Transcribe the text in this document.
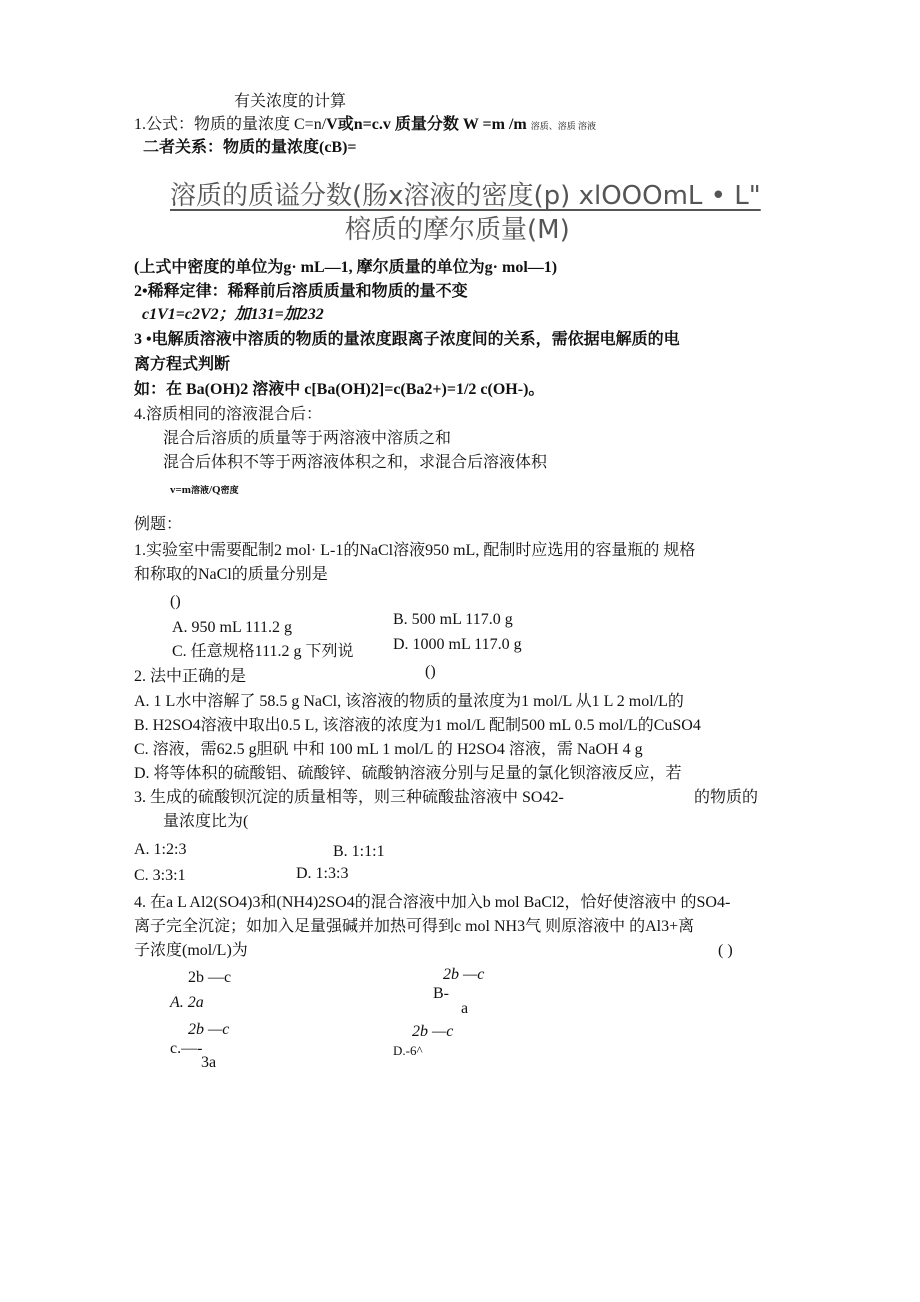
有关浓度的计算
1.公式：物质的量浓度 C=n/V或n=c.v 质量分数 W =m /m 溶质、溶质 溶液
二者关系：物质的量浓度(cB)=
溶质的质谥分数(肠x溶液的密度(p) xlOOOmL • L"
榕质的摩尔质量(M)
(上式中密度的单位为g· mL—1, 摩尔质量的单位为g· mol—1)
2•稀释定律：稀释前后溶质质量和物质的量不变
c1V1=c2V2；加131=加232
3 •电解质溶液中溶质的物质的量浓度跟离子浓度间的关系，需依据电解质的电
离方程式判断
如：在 Ba(OH)2 溶液中 c[Ba(OH)2]=c(Ba2+)=1/2 c(OH-)。
4.溶质相同的溶液混合后：
混合后溶质的质量等于两溶液中溶质之和
混合后体积不等于两溶液体积之和，求混合后溶液体积
v=m溶液/Q密度
例题：
1.实验室中需要配制2 mol· L-1的NaCl溶液950 mL, 配制时应选用的容量瓶的 规格
和称取的NaCl的质量分别是
()
A. 950 mL 111.2 g	B. 500 mL 117.0 g
C. 任意规格111.2 g 下列说 D. 1000 mL 117.0 g
2. 法中正确的是	()
A. 1 L水中溶解了 58.5 g NaCl, 该溶液的物质的量浓度为1 mol/L 从1 L 2 mol/L的
B. H2SO4溶液中取出0.5 L, 该溶液的浓度为1 mol/L 配制500 mL 0.5 mol/L的CuSO4
C. 溶液，需62.5 g胆矾 中和 100 mL 1 mol/L 的 H2SO4 溶液，需 NaOH 4 g
D. 将等体积的硫酸铝、硫酸锌、硫酸钠溶液分别与足量的氯化钡溶液反应，若
3. 生成的硫酸钡沉淀的质量相等，则三种硫酸盐溶液中 SO42-	的物质的
量浓度比为(
A. 1:2:3	B. 1:1:1
C. 3:3:1	D. 1:3:3
4. 在a L Al2(SO4)3和(NH4)2SO4的混合溶液中加入b mol BaCl2，恰好使溶液中 的SO4-
离子完全沉淀；如加入足量强碱并加热可得到c mol NH3气 则原溶液中 的Al3+离
子浓度(mol/L)为	( )
2b —c
A. 2a
2b —c
B-
a
2b —c
c.—-
3a
2b —c
D.-6^
